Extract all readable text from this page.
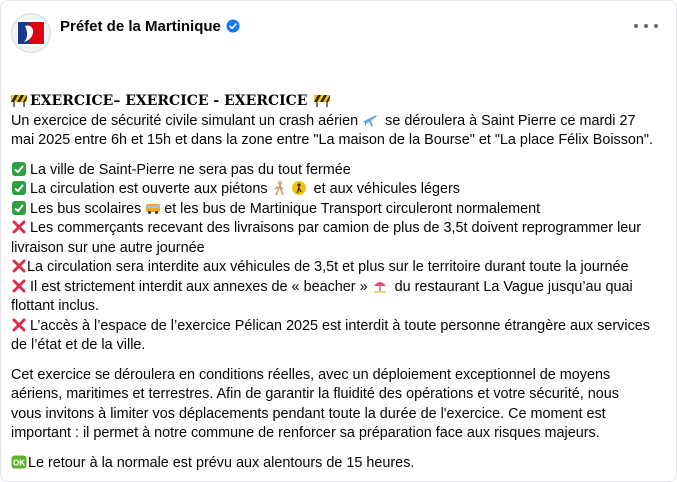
Préfet de la Martinique
EXERCICE– EXERCICE - EXERCICE
Un exercice de sécurité civile simulant un crash aérien  se déroulera à Saint Pierre ce mardi 27
mai 2025 entre 6h et 15h et dans la zone entre "La maison de la Bourse" et "La place Félix Boisson".
La ville de Saint-Pierre ne sera pas du tout fermée
La circulation est ouverte aux piétons	et aux véhicules légers
Les bus scolaires et les bus de Martinique Transport circuleront normalement
Les commerçants recevant des livraisons par camion de plus de 3,5t doivent reprogrammer leur
livraison sur une autre journée
La circulation sera interdite aux véhicules de 3,5t et plus sur le territoire durant toute la journée
Il est strictement interdit aux annexes de « beacher »  du restaurant La Vague jusqu’au quai
flottant inclus.
L’accès à l’espace de l’exercice Pélican 2025 est interdit à toute personne étrangère aux services
de l’état et de la ville.
Cet exercice se déroulera en conditions réelles, avec un déploiement exceptionnel de moyens
aériens, maritimes et terrestres. Afin de garantir la fluidité des opérations et votre sécurité, nous
vous invitons à limiter vos déplacements pendant toute la durée de l'exercice. Ce moment est
important : il permet à notre commune de renforcer sa préparation face aux risques majeurs.
OK Le retour à la normale est prévu aux alentours de 15 heures.
